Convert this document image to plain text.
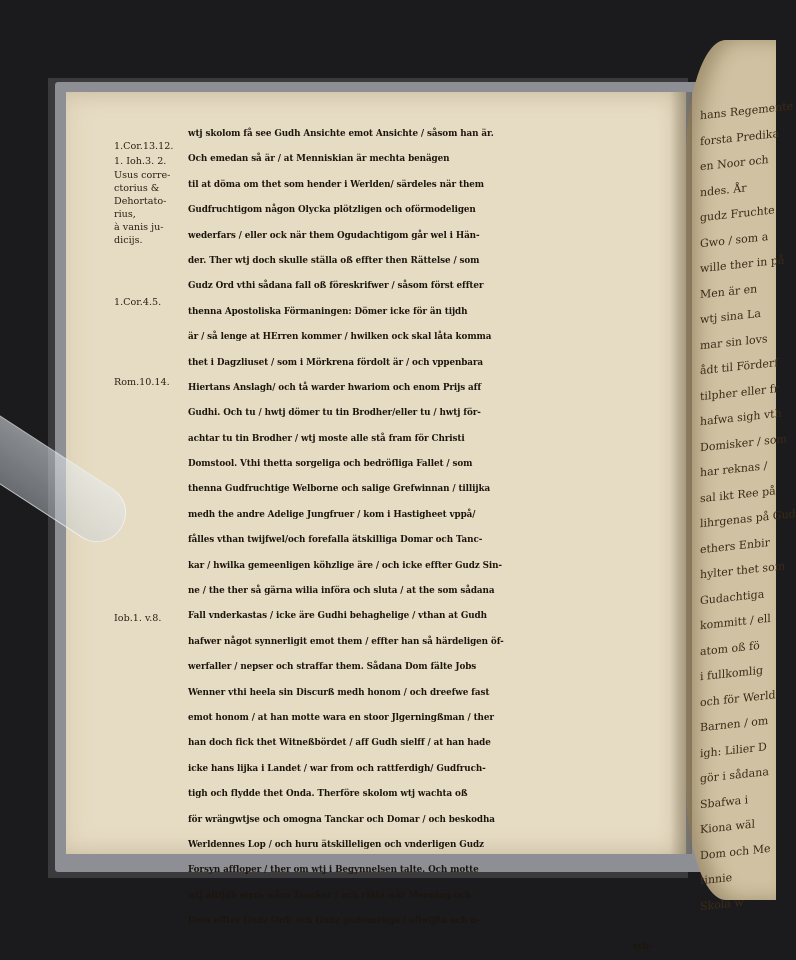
hans Regemente
forsta Predika
en Noor och
ndes. År
gudz Fruchte
Gwo / som a
wille ther in på
Men är en
wtj sina La
mar sin lovs
ådt til Förderf
tilpher eller fr
hafwa sigh vth
Domisker / som
har reknas /
sal ikt Ree på
lihrgenas på Gud
ethers Enbir
hylter thet som
Gudachtiga
kommitt / ell
atom oß fö
i fullkomlig
och för Werld
Barnen / om
igh: Lilier D
gör i sådana
Sbafwa i
Kiona wäl
Dom och Me
tinnie
Skola w
1.Cor.13.12.
1. Ioh.3. 2.
Usus corre-
ctorius &
Dehortato-
rius,
à vanis ju-
dicijs.
1.Cor.4.5.
Rom.10.14.
Iob.1. v.8.
wtj skolom få see Gudh Ansichte emot Ansichte / såsom han är.
Och emedan så är / at Menniskian är mechta benägen
til at döma om thet som hender i Werlden/ särdeles när them
Gudfruchtigom någon Olycka plötzligen och oförmodeligen
wederfars / eller ock när them Ogudachtigom går wel i Hän-
der. Ther wtj doch skulle ställa oß effter then Rättelse / som
Gudz Ord vthi sådana fall oß föreskrifwer / såsom först effter
thenna Apostoliska Förmaningen: Dömer icke för än tijdh
är / så lenge at HErren kommer / hwilken ock skal låta komma
thet i Dagzliuset / som i Mörkrena fördolt är / och vppenbara
Hiertans Anslagh/ och tå warder hwariom och enom Prijs aff
Gudhi. Och tu / hwtj dömer tu tin Brodher/eller tu / hwtj för-
achtar tu tin Brodher / wtj moste alle stå fram för Christi
Domstool. Vthi thetta sorgeliga och bedröfliga Fallet / som
thenna Gudfruchtige Welborne och salige Grefwinnan / tillijka
medh the andre Adelige Jungfruer / kom i Hastigheet vppå/
fålles vthan twijfwel/och forefalla ätskilliga Domar och Tanc-
kar / hwilka gemeenligen köhzlige äre / och icke effter Gudz Sin-
ne / the ther så gärna wilia införa och sluta / at the som sådana
Fall vnderkastas / icke äre Gudhi behaghelige / vthan at Gudh
hafwer något synnerligit emot them / effter han så härdeligen öf-
werfaller / nepser och straffar them. Sådana Dom fälte Jobs
Wenner vthi heela sin Discurß medh honom / och dreefwe fast
emot honom / at han motte wara en stoor Jlgerningßman / ther
han doch fick thet Witneßbördet / aff Gudh sielff / at han hade
icke hans lijka i Landet / war from och rattferdigh/ Gudfruch-
tigh och flydde thet Onda. Therföre skolom wtj wachta oß
för wrängwtjse och omogna Tanckar och Domar / och beskodha
Werldennes Lop / och huru ätskilleligen och vnderligen Gudz
Forsyn affloper / ther om wtj i Begynnelsen talte. Och motte
wtj altijdh styra wåra Tanckar / och rätta wår Meening och
Dom effter Gudz Ord/ och Gudz gudomeliga / allwijßa och o-
vth-
